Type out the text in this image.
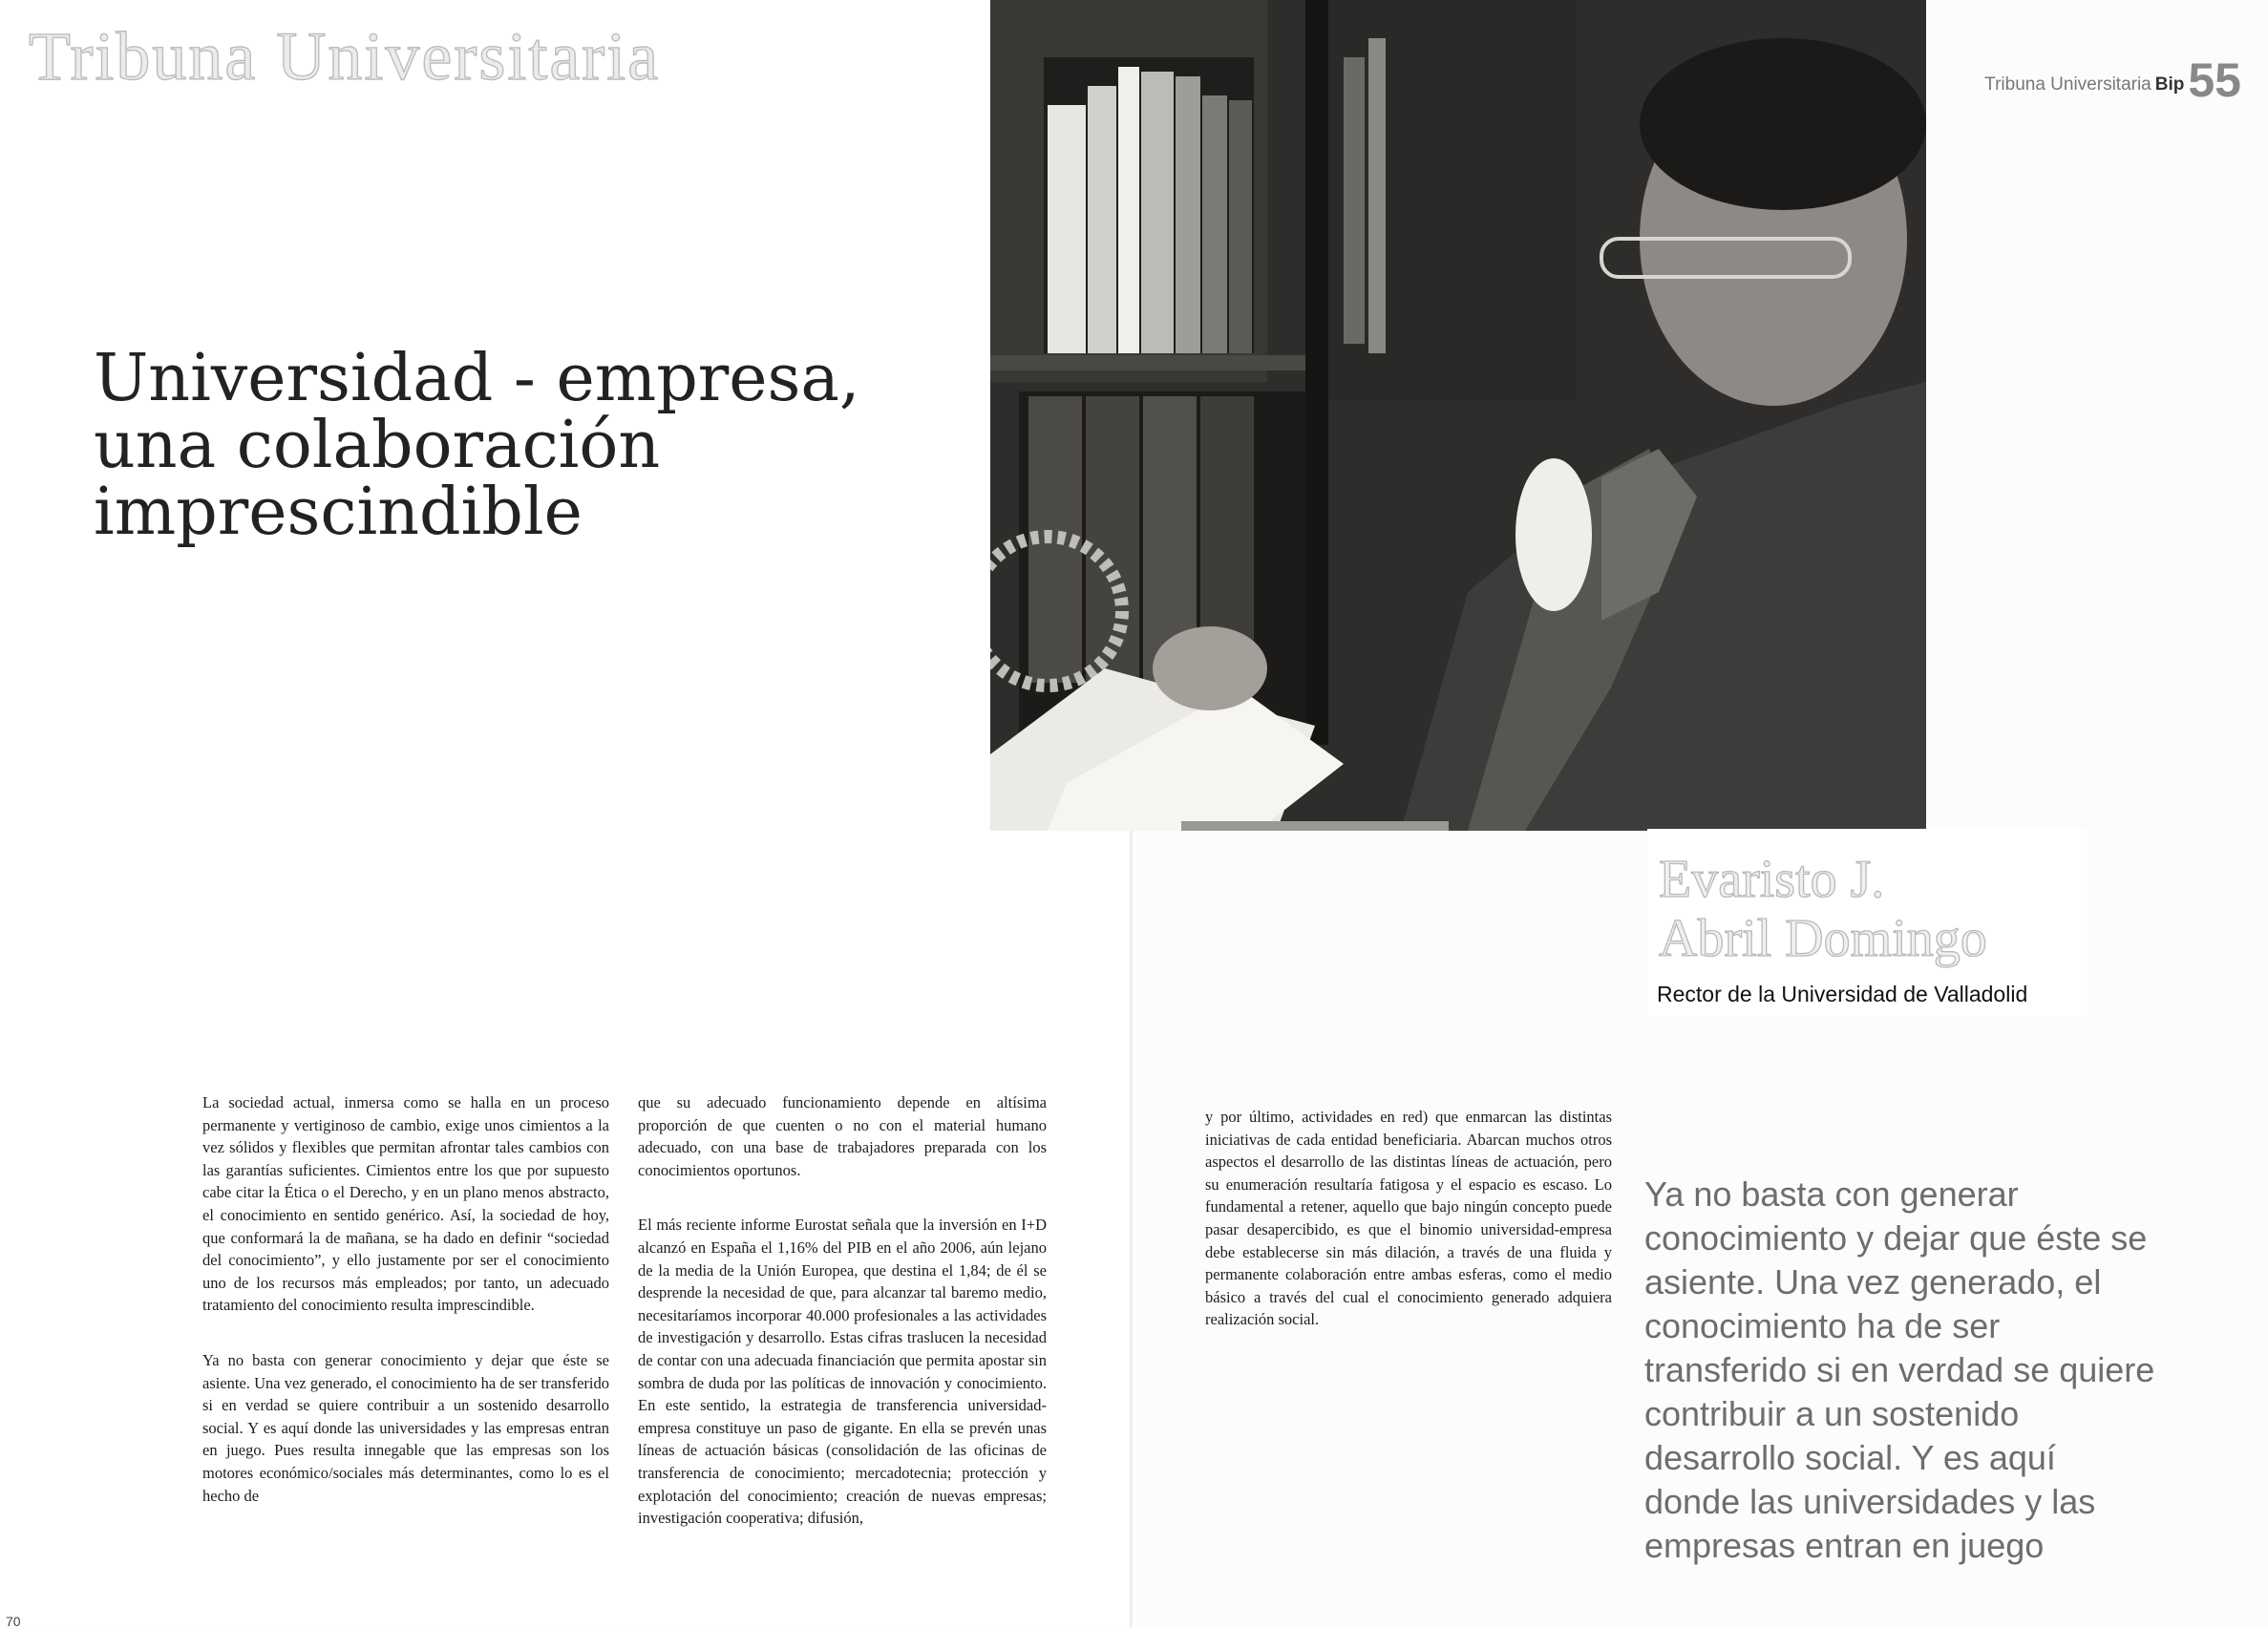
Tribuna Universitaria
Universidad - empresa,
una colaboración
imprescindible
Evaristo J.
Abril Domingo
Rector de la Universidad de Valladolid
Tribuna Universitaria Bip 55

La sociedad actual, inmersa como se halla en un proceso permanente y vertiginoso de cambio, exige unos cimientos a la vez sólidos y flexibles que permitan afrontar tales cambios con las garantías suficientes. Cimientos entre los que por supuesto cabe citar la Ética o el Derecho, y en un plano menos abstracto, el conocimiento en sentido genérico. Así, la sociedad de hoy, que conformará la de mañana, se ha dado en definir “sociedad del conocimiento”, y ello justamente por ser el conocimiento uno de los recursos más empleados; por tanto, un adecuado tratamiento del conocimiento resulta imprescindible.

Ya no basta con generar conocimiento y dejar que éste se asiente. Una vez generado, el conocimiento ha de ser transferido si en verdad se quiere contribuir a un sostenido desarrollo social. Y es aquí donde las universidades y las empresas entran en juego. Pues resulta innegable que las empresas son los motores económico/sociales más determinantes, como lo es el hecho de

que su adecuado funcionamiento depende en altísima proporción de que cuenten o no con el material humano adecuado, con una base de trabajadores preparada con los conocimientos oportunos.

El más reciente informe Eurostat señala que la inversión en I+D alcanzó en España el 1,16% del PIB en el año 2006, aún lejano de la media de la Unión Europea, que destina el 1,84; de él se desprende la necesidad de que, para alcanzar tal baremo medio, necesitaríamos incorporar 40.000 profesionales a las actividades de investigación y desarrollo. Estas cifras traslucen la necesidad de contar con una adecuada financiación que permita apostar sin sombra de duda por las políticas de innovación y conocimiento. En este sentido, la estrategia de transferencia universidad-empresa constituye un paso de gigante. En ella se prevén unas líneas de actuación básicas (consolidación de las oficinas de transferencia de conocimiento; mercadotecnia; protección y explotación del conocimiento; creación de nuevas empresas; investigación cooperativa; difusión,

y por último, actividades en red) que enmarcan las distintas iniciativas de cada entidad beneficiaria. Abarcan muchos otros aspectos el desarrollo de las distintas líneas de actuación, pero su enumeración resultaría fatigosa y el espacio es escaso. Lo fundamental a retener, aquello que bajo ningún concepto puede pasar desapercibido, es que el binomio universidad-empresa debe establecerse sin más dilación, a través de una fluida y permanente colaboración entre ambas esferas, como el medio básico a través del cual el conocimiento generado adquiera realización social.

Ya no basta con generar conocimiento y dejar que éste se asiente. Una vez generado, el conocimiento ha de ser transferido si en verdad se quiere contribuir a un sostenido desarrollo social. Y es aquí donde las universidades y las empresas entran en juego
70
